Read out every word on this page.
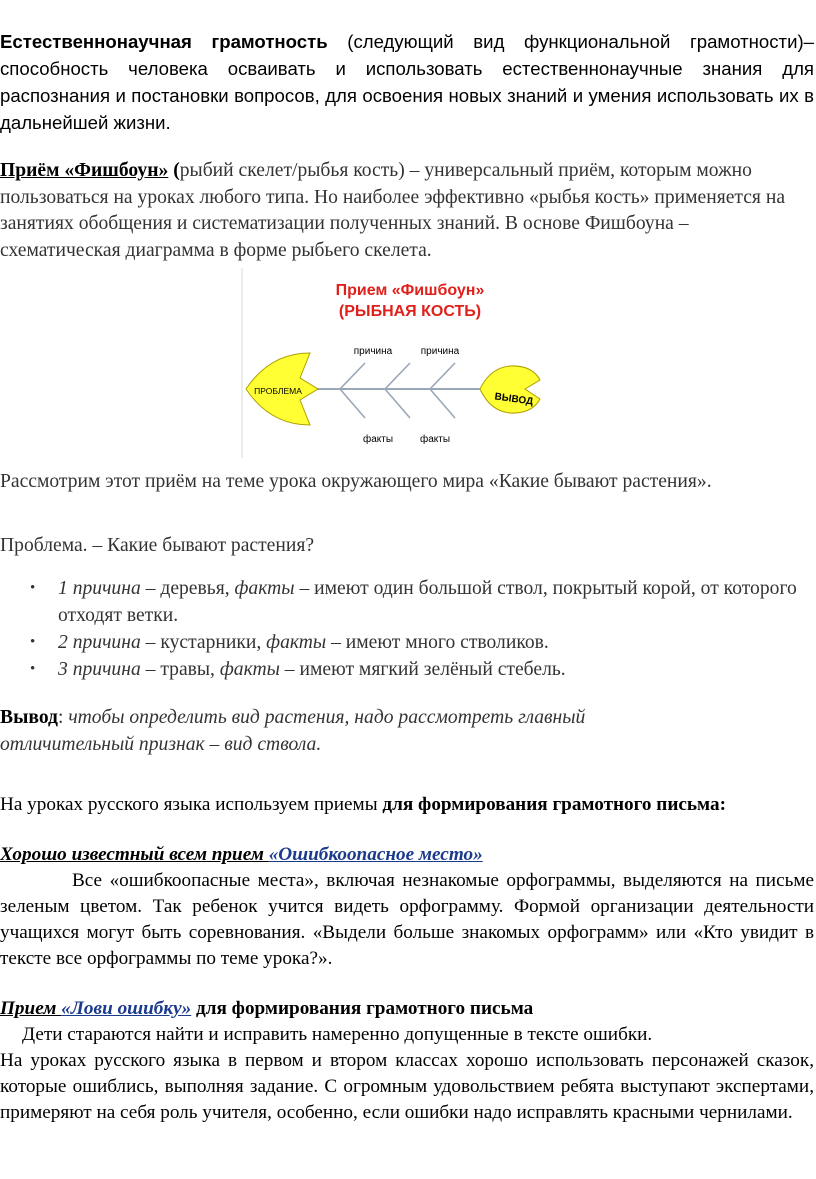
Естественнонаучная грамотность (следующий вид функциональной грамотности)– способность человека осваивать и использовать естественнонаучные знания для распознания и постановки вопросов, для освоения новых знаний и умения использовать их в дальнейшей жизни.

Приём «Фишбоун» (рыбий скелет/рыбья кость) – универсальный приём, которым можно пользоваться на уроках любого типа. Но наиболее эффективно «рыбья кость» применяется на занятиях обобщения и систематизации полученных знаний. В основе Фишбоуна – схематическая диаграмма в форме рыбьего скелета.

Прием «Фишбоун»
(РЫБНАЯ КОСТЬ)
ПРОБЛЕМА
ВЫВОД
причина	причина
факты	факты

Рассмотрим этот приём на теме урока окружающего мира «Какие бывают растения».

Проблема. – Какие бывают растения?

• 1 причина – деревья, факты – имеют один большой ствол, покрытый корой, от которого отходят ветки.
• 2 причина – кустарники, факты – имеют много стволиков.
• 3 причина – травы, факты – имеют мягкий зелёный стебель.

Вывод: чтобы определить вид растения, надо рассмотреть главный отличительный признак – вид ствола.

На уроках русского языка используем приемы для формирования грамотного письма:

Хорошо известный всем прием «Ошибкоопасное место»

Все «ошибкоопасные места», включая незнакомые орфограммы, выделяются на письме зеленым цветом. Так ребенок учится видеть орфограмму. Формой организации деятельности учащихся могут быть соревнования. «Выдели больше знакомых орфограмм» или «Кто увидит в тексте все орфограммы по теме урока?».

Прием «Лови ошибку» для формирования грамотного письма

Дети стараются найти и исправить намеренно допущенные в тексте ошибки.

На уроках русского языка в первом и втором классах хорошо использовать персонажей сказок, которые ошиблись, выполняя задание. С огромным удовольствием ребята выступают экспертами, примеряют на себя роль учителя, особенно, если ошибки надо исправлять красными чернилами.
